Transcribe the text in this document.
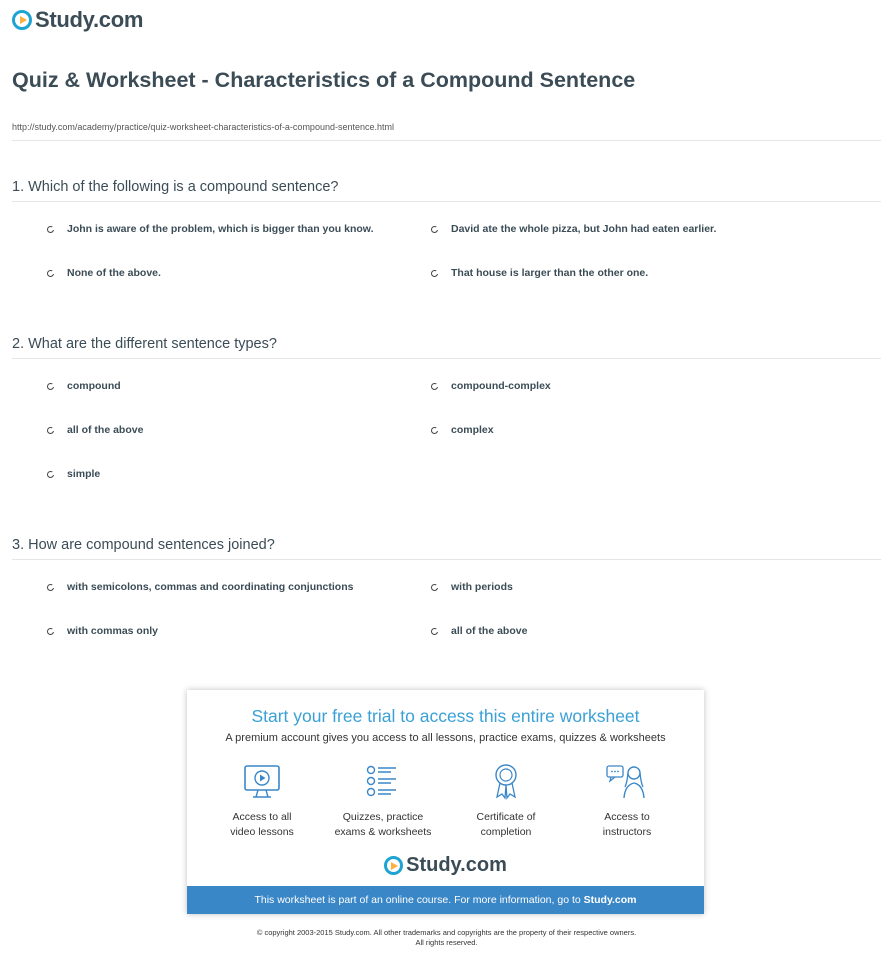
Study.com
Quiz & Worksheet - Characteristics of a Compound Sentence
http://study.com/academy/practice/quiz-worksheet-characteristics-of-a-compound-sentence.html
1. Which of the following is a compound sentence?
John is aware of the problem, which is bigger than you know.	David ate the whole pizza, but John had eaten earlier.
None of the above.	That house is larger than the other one.
2. What are the different sentence types?
compound	compound-complex
all of the above	complex
simple
3. How are compound sentences joined?
with semicolons, commas and coordinating conjunctions	with periods
with commas only	all of the above
Start your free trial to access this entire worksheet
A premium account gives you access to all lessons, practice exams, quizzes & worksheets
Access to all
video lessons
Quizzes, practice
exams & worksheets
Certificate of
completion
Access to
instructors
Study.com
This worksheet is part of an online course. For more information, go to Study.com
© copyright 2003-2015 Study.com. All other trademarks and copyrights are the property of their respective owners.
All rights reserved.
